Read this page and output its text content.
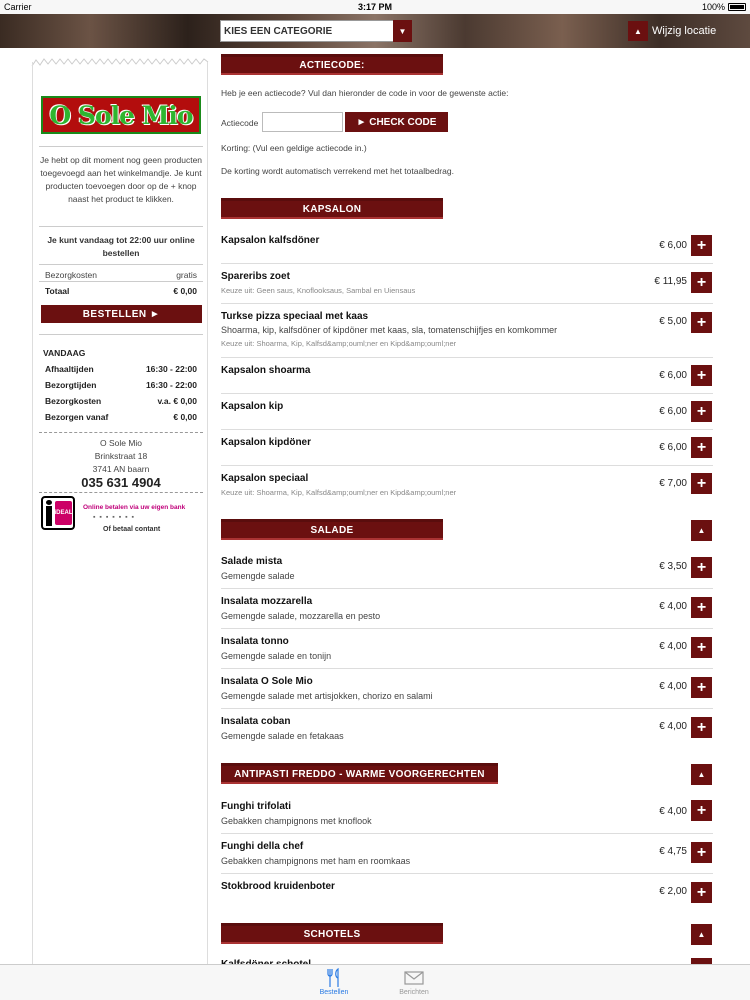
Carrier	3:17 PM	100%
KIES EEN CATEGORIE	▼	▲ Wijzig locatie
O Sole Mio
Je hebt op dit moment nog geen producten toegevoegd aan het winkelmandje. Je kunt producten toevoegen door op de + knop naast het product te klikken.
Je kunt vandaag tot 22:00 uur online bestellen
Bezorgkosten	gratis
Totaal	€ 0,00
BESTELLEN ►
VANDAAG
Afhaaltijden	16:30 - 22:00
Bezorgtijden	16:30 - 22:00
Bezorgkosten	v.a. € 0,00
Bezorgen vanaf	€ 0,00
O Sole Mio
Brinkstraat 18
3741 AN baarn
035 631 4904
iDEAL
Online betalen via uw eigen bank
▪ ▪ ▪ ▪ ▪ ▪ ▪
Of betaal contant
ACTIECODE:
Heb je een actiecode? Vul dan hieronder de code in voor de gewenste actie:
Actiecode	► CHECK CODE
Korting: (Vul een geldige actiecode in.)
De korting wordt automatisch verrekend met het totaalbedrag.
KAPSALON
Kapsalon kalfsdöner	€ 6,00 +
Spareribs zoet
Keuze uit: Geen saus, Knoflooksaus, Sambal en Uiensaus
€ 11,95 +
Turkse pizza speciaal met kaas
Shoarma, kip, kalfsdöner of kipdöner met kaas, sla, tomatenschijfjes en komkommer
Keuze uit: Shoarma, Kip, Kalfsd&amp;ouml;ner en Kipd&amp;ouml;ner
€ 5,00 +
Kapsalon shoarma	€ 6,00 +
Kapsalon kip	€ 6,00 +
Kapsalon kipdöner	€ 6,00 +
Kapsalon speciaal
Keuze uit: Shoarma, Kip, Kalfsd&amp;ouml;ner en Kipd&amp;ouml;ner
€ 7,00 +
SALADE	▲
Salade mista
Gemengde salade
€ 3,50 +
Insalata mozzarella
Gemengde salade, mozzarella en pesto
€ 4,00 +
Insalata tonno
Gemengde salade en tonijn
€ 4,00 +
Insalata O Sole Mio
Gemengde salade met artisjokken, chorizo en salami
€ 4,00 +
Insalata coban
Gemengde salade en fetakaas
€ 4,00 +
ANTIPASTI FREDDO - WARME VOORGERECHTEN	▲
Funghi trifolati
Gebakken champignons met knoflook
€ 4,00 +
Funghi della chef
Gebakken champignons met ham en roomkaas
€ 4,75 +
Stokbrood kruidenboter	€ 2,00 +
SCHOTELS	▲
Bestellen	Berichten
